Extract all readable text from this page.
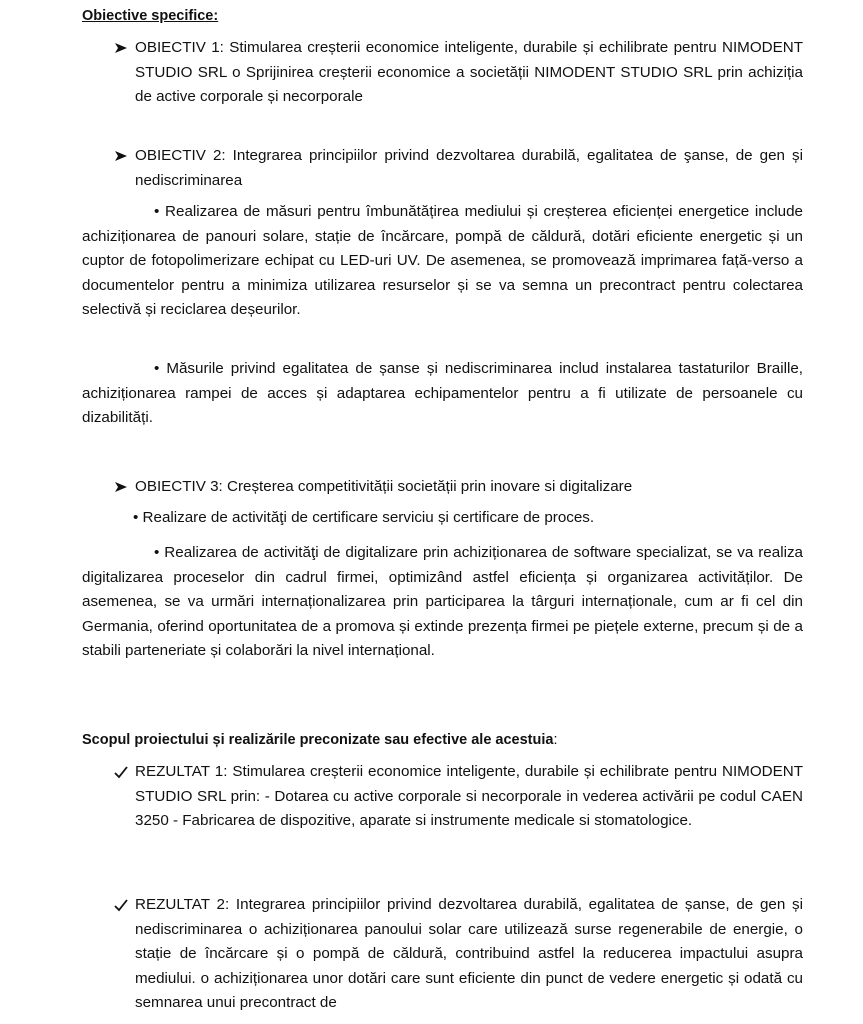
Obiective specifice:
OBIECTIV 1: Stimularea creșterii economice inteligente, durabile și echilibrate pentru NIMODENT STUDIO SRL o Sprijinirea creșterii economice a societății NIMODENT STUDIO SRL prin achiziția de active corporale și necorporale
OBIECTIV 2: Integrarea principiilor privind dezvoltarea durabilă, egalitatea de şanse, de gen și nediscriminarea
• Realizarea de măsuri pentru îmbunătățirea mediului și creșterea eficienței energetice include achiziționarea de panouri solare, stație de încărcare, pompă de căldură, dotări eficiente energetic și un cuptor de fotopolimerizare echipat cu LED-uri UV. De asemenea, se promovează imprimarea față-verso a documentelor pentru a minimiza utilizarea resurselor și se va semna un precontract pentru colectarea selectivă și reciclarea deșeurilor.
• Măsurile privind egalitatea de șanse și nediscriminarea includ instalarea tastaturilor Braille, achiziționarea rampei de acces și adaptarea echipamentelor pentru a fi utilizate de persoanele cu dizabilități.
OBIECTIV 3: Creșterea competitivității societății prin inovare si digitalizare
• Realizare de activităţi de certificare serviciu și certificare de proces.
• Realizarea de activităţi de digitalizare prin achiziționarea de software specializat, se va realiza digitalizarea proceselor din cadrul firmei, optimizând astfel eficiența și organizarea activităților. De asemenea, se va urmări internaționalizarea prin participarea la târguri internaționale, cum ar fi cel din Germania, oferind oportunitatea de a promova și extinde prezența firmei pe piețele externe, precum și de a stabili parteneriate și colaborări la nivel internațional.
Scopul proiectului și realizările preconizate sau efective ale acestuia:
REZULTAT 1: Stimularea creșterii economice inteligente, durabile și echilibrate pentru NIMODENT STUDIO SRL prin: - Dotarea cu active corporale si necorporale in vederea activării pe codul CAEN 3250 - Fabricarea de dispozitive, aparate si instrumente medicale si stomatologice.
REZULTAT 2: Integrarea principiilor privind dezvoltarea durabilă, egalitatea de șanse, de gen și nediscriminarea o achiziționarea panoului solar care utilizează surse regenerabile de energie, o stație de încărcare și o pompă de căldură, contribuind astfel la reducerea impactului asupra mediului. o achiziționarea unor dotări care sunt eficiente din punct de vedere energetic și odată cu semnarea unui precontract de
